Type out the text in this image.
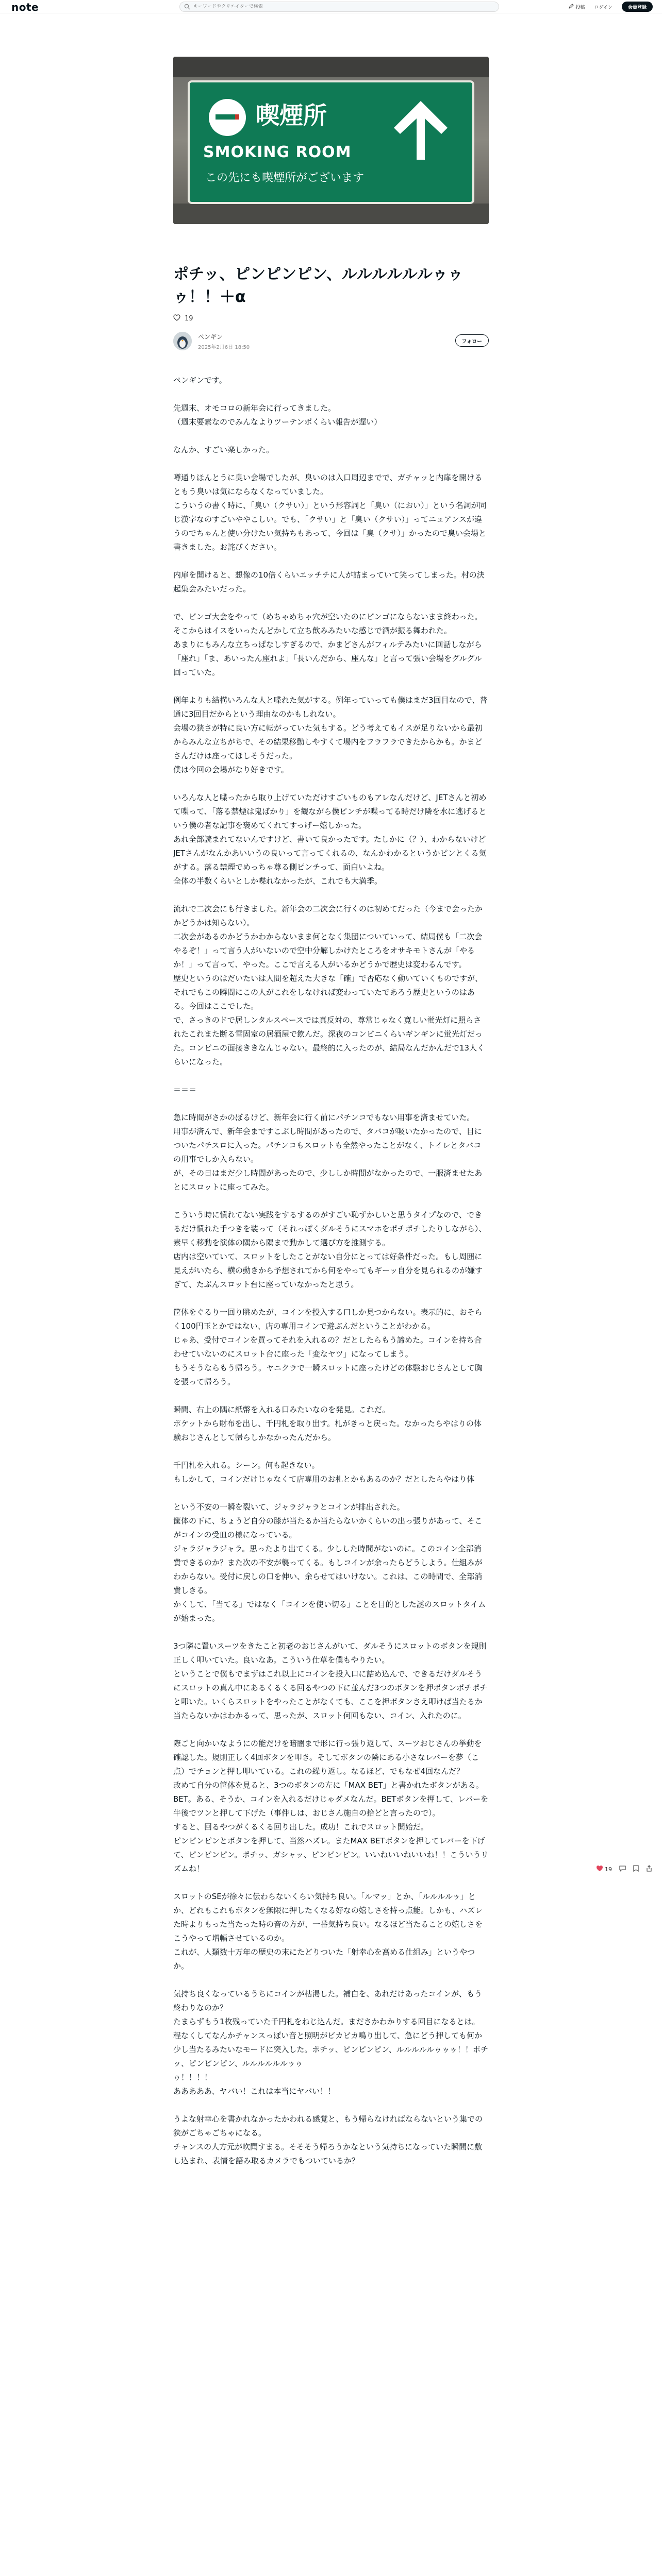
note
キーワードやクリエイターで検索	投稿 ログイン	会員登録
喫煙所
SMOKING ROOM
この先にも喫煙所がございます
ポチッ、ピンピンピン、ルルルルルルゥゥゥ！！＋α
19
ペンギン
2025年2月6日 18:50
フォロー

ペンギンです。

先週末、オモコロの新年会に行ってきました。
（週末要素なのでみんなよりツーテンポくらい報告が遅い）

なんか、すごい楽しかった。

噂通りほんとうに臭い会場でしたが、臭いのは入口周辺までで、ガチャッと内扉を開けるともう臭いは気にならなくなっていました。
こういうの書く時に、「臭い（クサい）」という形容詞と「臭い（におい）」という名詞が同じ漢字なのすごいややこしい。でも、「クサい」と「臭い（クサい）」ってニュアンスが違うのでちゃんと使い分けたい気持ちもあって、今回は「臭（クサ）」かったので臭い会場と書きました。お詫びください。

内扉を開けると、想像の10倍くらいエッチチに人が詰まっていて笑ってしまった。村の決起集会みたいだった。

で、ビンゴ大会をやって（めちゃめちゃ穴が空いたのにビンゴにならないまま終わった。そこからはイスをいったんどかして立ち飲みみたいな感じで酒が振る舞われた。
あまりにもみんな立ちっぱなしすぎるので、かまどさんがフィルテみたいに回話しながら「座れ」「ま、あいったん座れよ」「長いんだから、座んな」と言って張い会場をグルグル回っていた。

例年よりも結構いろんな人と喋れた気がする。例年っていっても僕はまだ3回目なので、普通に3回目だからという理由なのかもしれない。
会場の狭さが特に良い方に転がっていた気もする。どう考えてもイスが足りないから最初からみんな立ちがちで、その結果移動しやすくて場内をフラフラできたからかも。かまどさんだけは座ってほしそうだった。
僕は今回の会場がなり好きです。

いろんな人と喋ったから取り上げていただけすごいものもアレなんだけど、JETさんと初めて喋って、「落る禁煙は鬼ばかり」を観ながら僕ピンチが喋ってる時だけ隣を水に逃げるという僕の者な記事を褒めてくれてすっげー嬉しかった。
あれ全部読まれてないんですけど、書いて良かったです。たしかに（？）、わからないけどJETさんがなんかあいいうの良いって言ってくれるの、なんかわかるというかピンとくる気がする。落る禁煙でめっちゃ尊る側ピンチって、面白いよね。
全体の半数くらいとしか喋れなかったが、これでも大満季。

流れで二次会にも行きました。新年会の二次会に行くのは初めてだった（今まで会ったかかどうかは知らない）。
二次会があるのかどうかわからないまま何となく集団についていって、結局僕も「二次会やるぞ！」って言う人がいないので空中分解しかけたところをオサキモトさんが「やるか！」って言って、やった。ここで言える人がいるかどうかで歴史は変わるんです。
歴史というのはだいたいは人間を超えた大きな「確」で否応なく動いていくものですが、それでもこの瞬間にこの人がこれをしなければ変わっていたであろう歴史というのはある。今回はここでした。
で、さっきのドで居しンタルスペースでは真反対の、尊常じゃなく寛しい蛍光灯に照らされたこれまた断る雪固室の居酒屋で飲んだ。深夜のコンビニくらいギンギンに蛍光灯だった。コンビニの面接ききなんじゃない。最終的に入ったのが、結局なんだかんだで13人くらいになった。

＝＝＝

急に時間がさかのぼるけど、新年会に行く前にパチンコでもない用事を済ませていた。
用事が済んで、新年会まですこぶし時間があったので、タバコが吸いたかったので、目についたパチスロに入った。パチンコもスロットも全然やったことがなく、トイレとタバコの用事でしか入らない。
が、その日はまだ少し時間があったので、少ししか時間がなかったので、一服済ませたあとにスロットに座ってみた。

こういう時に慣れてない実践をするするのがすごい恥ずかしいと思うタイプなので、できるだけ慣れた手つきを装って（それっぽくダルそうにスマホをポチポチしたりしながら）、素早く移動を演体の隅から隅まで動かして選び方を推測する。
店内は空いていて、スロットをしたことがない自分にとっては好条件だった。もし周囲に見えがいたら、横の動きから予想されてから何をやってもギーッ自分を見られるのが嫌すぎて、たぶんスロット台に座っていなかったと思う。

筐体をぐるり一回り眺めたが、コインを投入する口しか見つからない。表示的に、おそらく100円玉とかではない、店の専用コインで遊ぶんだということがわかる。
じゃあ、受付でコインを買ってそれを入れるの？だとしたらもう諦めた。コインを持ち合わせていないのにスロット台に座った「変なヤツ」になってしまう。
もうそうならもう帰ろう。ヤニクラで一瞬スロットに座ったけどの体験おじさんとして胸を張って帰ろう。

瞬間、右上の隅に紙幣を入れる口みたいなのを発見。これだ。
ポケットから財布を出し、千円札を取り出す。札がきっと戻った。なかったらやはりの体験おじさんとして帰らしかなかったんだから。

千円札を入れる。シーン。何も起きない。
もしかして、コインだけじゃなくて店専用のお札とかもあるのか？だとしたらやはり体

という不安の一瞬を裂いて、ジャラジャラとコインが排出された。
筐体の下に、ちょうど自分の膝が当たるか当たらないかくらいの出っ張りがあって、そこがコインの受皿の様になっている。
ジャラジャラジャラ。思ったより出てくる。少しした時間がないのに。このコイン全部消費できるのか？また次の不安が襲ってくる。もしコインが余ったらどうしよう。仕組みがわからない。受付に戻しの口を伸い、余らせてはいけない。これは、この時間で、全部消費しきる。
かくして、「当てる」ではなく「コインを使い切る」ことを目的とした謎のスロットタイムが始まった。

3つ隣に置いスーツをきたこと初老のおじさんがいて、ダルそうにスロットのボタンを規則正しく叩いていた。良いなあ。こういう仕草を僕もやりたい。
ということで僕もでまずはこれ以上にコインを投入口に詰め込んで、できるだけダルそうにスロットの真ん中にあるくるくる回るやつの下に並んだ3つのボタンを押ボタンポチポチと叩いた。いくらスロットをやったことがなくても、ここを押ボタンさえ叩けば当たるか当たらないかはわかるって、思ったが、スロット何回もない、コイン、入れたのに。

際ごと向かいなようにの能だけを暗闇まで形に行っ張り返して、スーツおじさんの挙動を確認した。規則正しく4回ボタンを叩き。そしてボタンの隣にある小さなレバーを夢（こ点）でチョンと押し叩いている。これの繰り返し。なるほど、でもなぜ4回なんだ？
改めて自分の筐体を見ると、3つのボタンの左に「MAX BET」と書かれたボタンがある。BET。ある、そうか、コインを入れるだけじゃダメなんだ。BETボタンを押して、レバーを牛後でツンと押して下げた（事件しは、おじさん施自の拾どと言ったので）。
すると、回るやつがくるくる回り出した。成功！これでスロット開始だ。
ピンピンピンとボタンを押して、当然ハズレ。またMAX BETボタンを押してレバーを下げて、ピンピンピン。ポチッ、ガシャッ、ピンピンピン。いいねいいねいいね！！こういうリズムね！

スロットのSEが徐々に伝わらないくらい気持ち良い。「ルマッ」とか、「ルルルルゥ」とか、どれもこれもボタンを無限に押したくなる好なの嬉しさを持っ点能。しかも、ハズレた時よりもった当たった時の音の方が、一番気持ち良い。なるほど当たることの嬉しさをこうやって増幅させているのか。
これが、人類数十万年の歴史の末にたどりついた「射幸心を高める仕組み」というやつか。

気持ち良くなっているうちにコインが枯渇した。補白を、あれだけあったコインが、もう終わりなのか？
たまらずもう1枚残っていた千円札をねじ込んだ。まださかわかりする回目になるとは。
程なくしてなんかチャンスっぽい音と照明がビカビカ鳴り出して、急にどう押しても何か少し当たるみたいなモードに突入した。ポチッ、ピンピンピン、ルルルルルゥゥゥ！！ポチッ、ピンピンピン、ルルルルルルゥゥ
ゥ！！！！
あああああ、ヤバい！これは本当にヤバい！！

うよな射幸心を書かれなかったかわれる感覚と、もう帰らなければならないという集での狭がごちゃごちゃになる。
チャンスの人方元が吹聞すまる。そそそう帰ろうかなという気持ちになっていた瞬間に敷し込まれ、表情を語み取るカメラでもついているか？

19
